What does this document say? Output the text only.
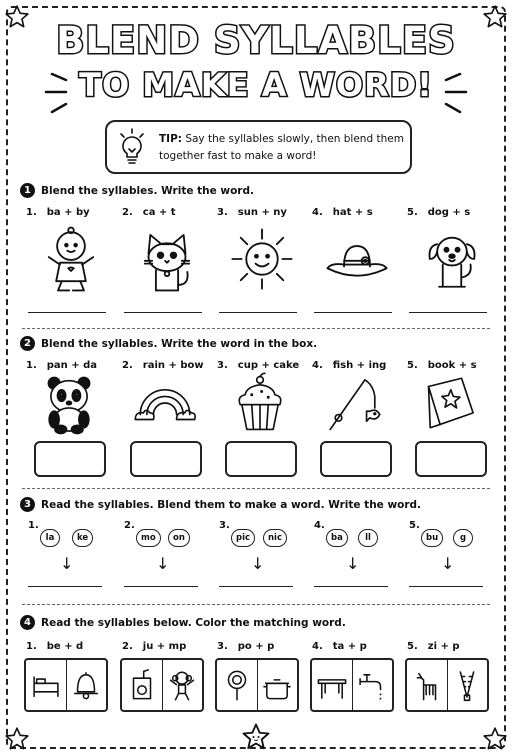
BLEND SYLLABLES
TO MAKE A WORD!
TIP: Say the syllables slowly, then blend them together fast to make a word!
1 Blend the syllables. Write the word.
2 Blend the syllables. Write the word in the box.
3 Read the syllables. Blend them to make a word. Write the word.
4 Read the syllables below. Color the matching word.
1. ba + by	2. ca + t	3. sun + ny	4. hat + s	5. dog + s
1. pan + da 2. rain + bow 3. cup + cake 4. fish + ing 5. book + s
1.
la	ke
↓
2.
mo	on
↓
3.
pic	nic
↓
4.
ba	ll
↓
5.
bu	g
↓
1. be + d	2. ju + mp	3. po + p	4. ta + p	5. zi + p
